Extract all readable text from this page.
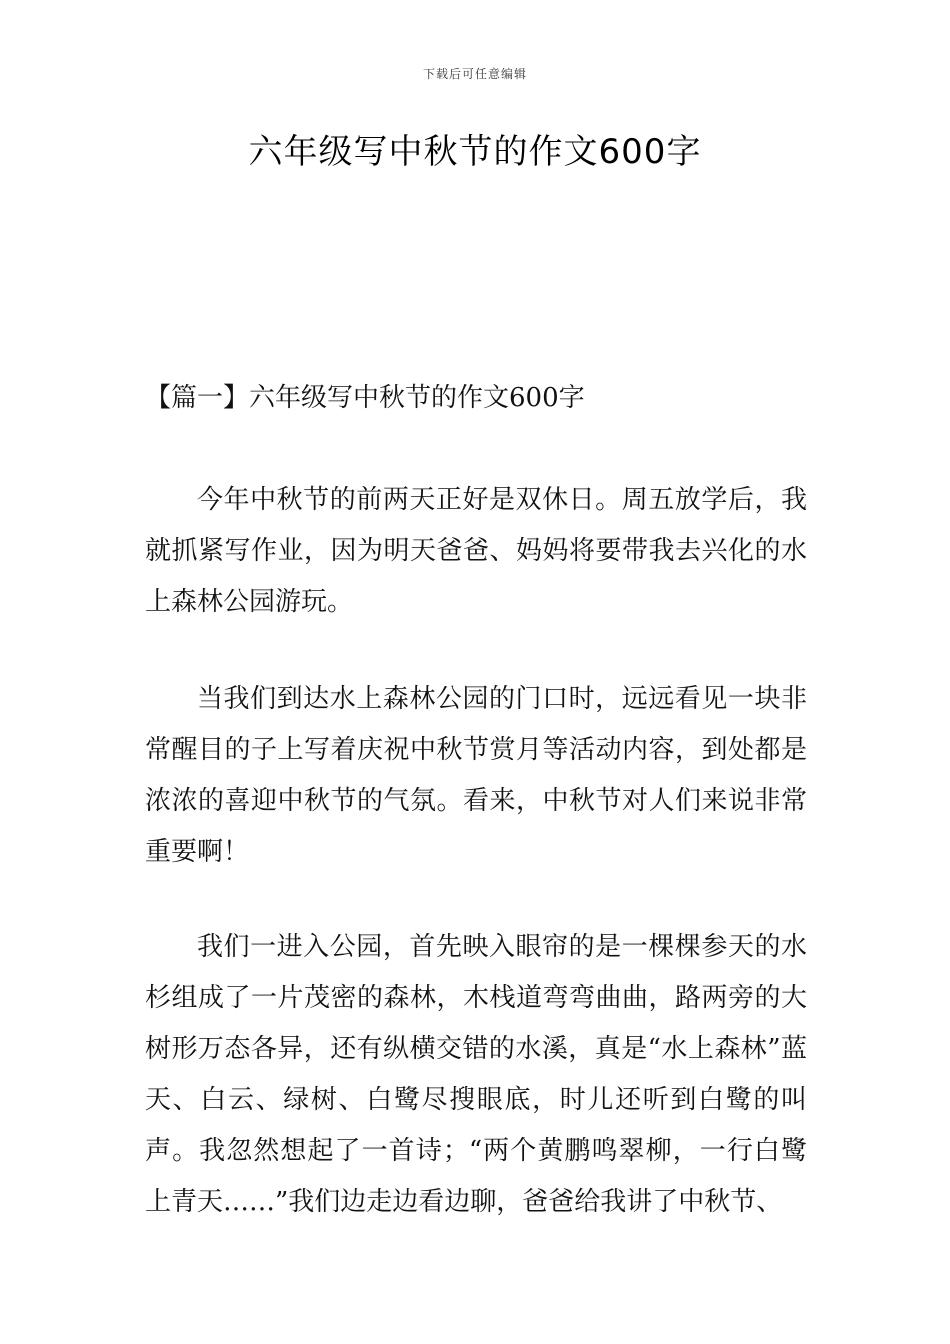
下载后可任意编辑
六年级写中秋节的作文600字

【篇一】六年级写中秋节的作文600字

今年中秋节的前两天正好是双休日。周五放学后，我就抓紧写作业，因为明天爸爸、妈妈将要带我去兴化的水上森林公园游玩。

当我们到达水上森林公园的门口时，远远看见一块非常醒目的子上写着庆祝中秋节赏月等活动内容，到处都是浓浓的喜迎中秋节的气氛。看来，中秋节对人们来说非常重要啊！

我们一进入公园，首先映入眼帘的是一棵棵参天的水杉组成了一片茂密的森林，木栈道弯弯曲曲，路两旁的大树形万态各异，还有纵横交错的水溪，真是“水上森林”蓝天、白云、绿树、白鹭尽搜眼底，时儿还听到白鹭的叫声。我忽然想起了一首诗；“两个黄鹏鸣翠柳，一行白鹭上青天……”我们边走边看边聊，爸爸给我讲了中秋节、
